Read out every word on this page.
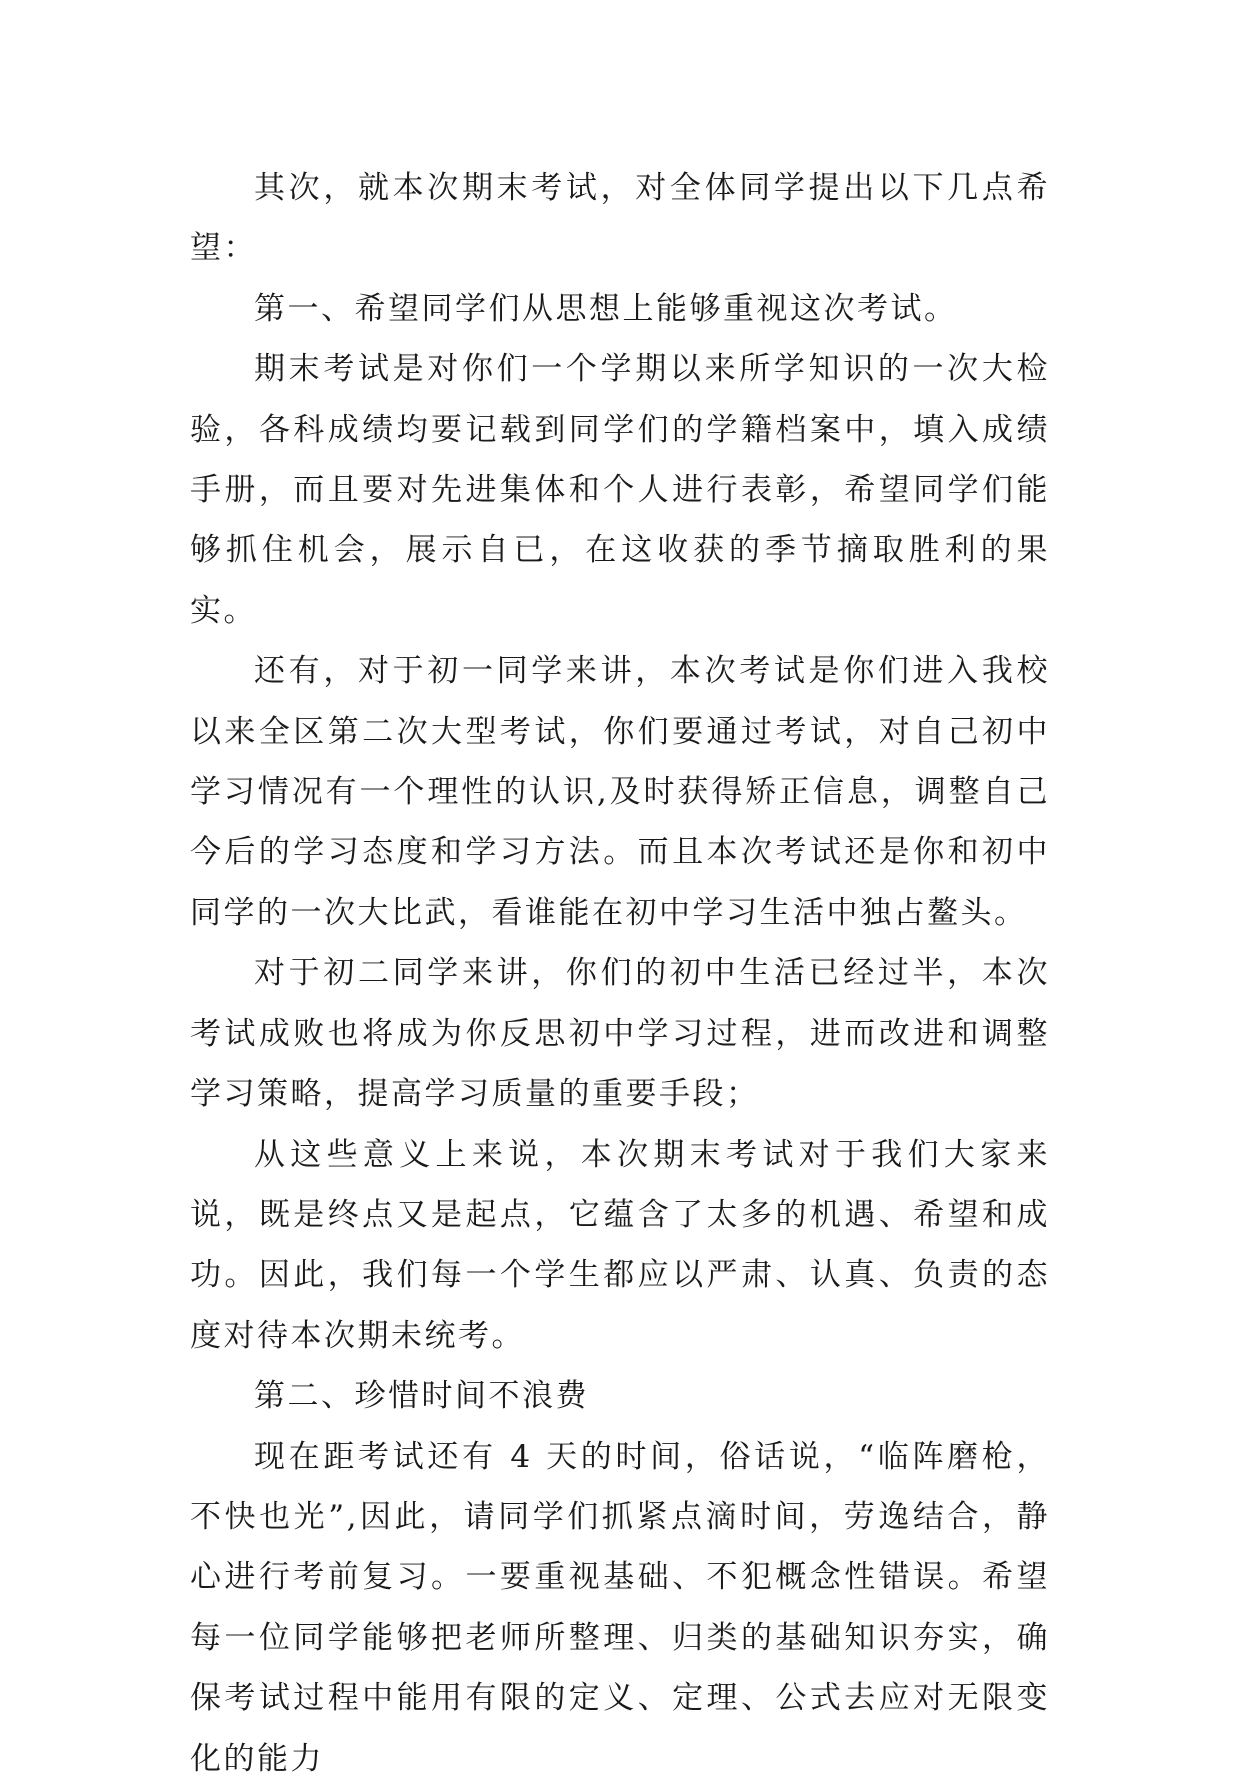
其次，就本次期末考试，对全体同学提出以下几点希望：

第一、希望同学们从思想上能够重视这次考试。

期末考试是对你们一个学期以来所学知识的一次大检验，各科成绩均要记载到同学们的学籍档案中，填入成绩手册，而且要对先进集体和个人进行表彰，希望同学们能够抓住机会，展示自已，在这收获的季节摘取胜利的果实。

还有，对于初一同学来讲，本次考试是你们进入我校以来全区第二次大型考试，你们要通过考试，对自己初中学习情况有一个理性的认识,及时获得矫正信息，调整自己今后的学习态度和学习方法。而且本次考试还是你和初中同学的一次大比武，看谁能在初中学习生活中独占鳌头。

对于初二同学来讲，你们的初中生活已经过半，本次考试成败也将成为你反思初中学习过程，进而改进和调整学习策略，提高学习质量的重要手段；

从这些意义上来说，本次期末考试对于我们大家来说，既是终点又是起点，它蕴含了太多的机遇、希望和成功。因此，我们每一个学生都应以严肃、认真、负责的态度对待本次期未统考。

第二、珍惜时间不浪费

现在距考试还有 4 天的时间，俗话说，“临阵磨枪，不快也光”,因此，请同学们抓紧点滴时间，劳逸结合，静心进行考前复习。一要重视基础、不犯概念性错误。希望每一位同学能够把老师所整理、归类的基础知识夯实，确保考试过程中能用有限的定义、定理、公式去应对无限变化的能力
